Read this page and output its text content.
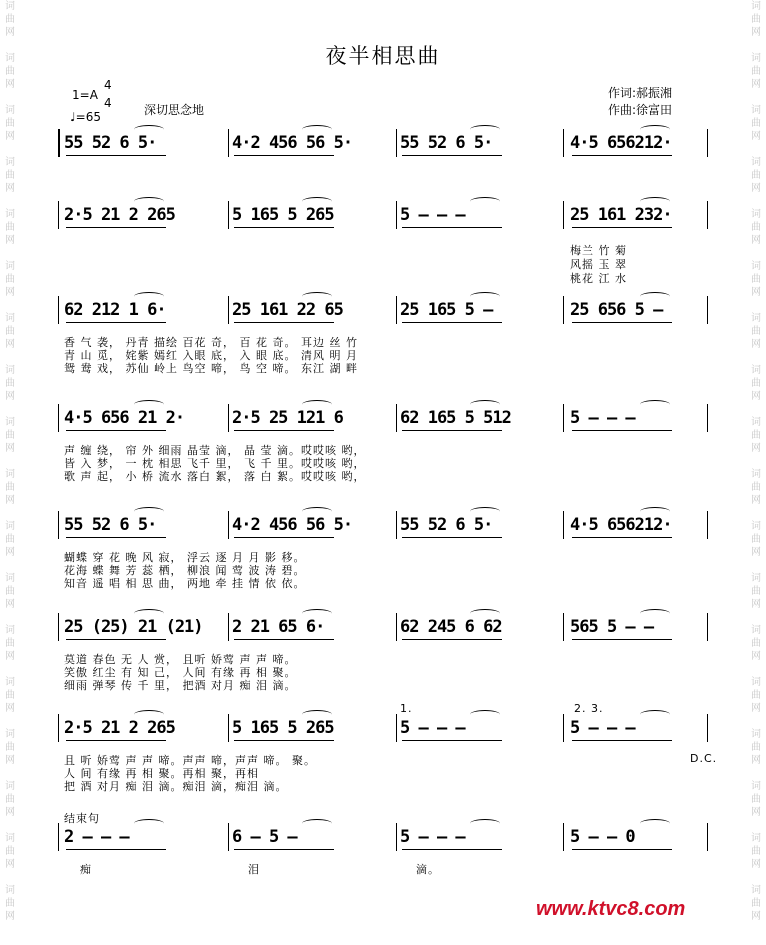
词
曲
网

词
曲
网

词
曲
网

词
曲
网

词
曲
网

词
曲
网

词
曲
网

词
曲
网

词
曲
网

词
曲
网

词
曲
网

词
曲
网

词
曲
网

词
曲
网

词
曲
网

词
曲
网

词
曲
网

词
曲
网
词
曲
网

词
曲
网

词
曲
网

词
曲
网

词
曲
网

词
曲
网

词
曲
网

词
曲
网

词
曲
网

词
曲
网

词
曲
网

词
曲
网

词
曲
网

词
曲
网

词
曲
网

词
曲
网

词
曲
网

词
曲
网
夜半相思曲
1=A
4
4
♩=65	深切思念地
作词:郝振湘
作曲:徐富田
55 52 6 5·	4·2 456 56 5·	55 52 6 5·	4·5 656212·
2·5 21 2 265	5 165 5 265	5 – – –	25 161 232·
梅兰 竹 菊
风摇 玉 翠
桃花 江 水
62 212 1 6·	25 161 22 65	25 165 5 –	25 656 5 –
香 气 袭， 丹青 描绘 百花 奇， 百 花 奇。 耳边 丝 竹
青 山 觅， 姹紫 嫣红 入眼 底， 入 眼 底。 清风 明 月
鸳 鸯 戏， 苏仙 岭上 鸟空 啼， 鸟 空 啼。 东江 湖 畔
4·5 656 21 2·	2·5 25 121 6	62 165 5 512	5 – – –
声 缠 绕， 帘 外 细雨 晶莹 滴， 晶 莹 滴。哎哎咳 哟，
皆 入 梦， 一 枕 相思 飞千 里， 飞 千 里。哎哎咳 哟，
歌 声 起， 小 桥 流水 落白 絮， 落 白 絮。哎哎咳 哟，
55 52 6 5·	4·2 456 56 5·	55 52 6 5·	4·5 656212·
蝴蝶 穿 花 晚 风 寂， 浮云 逐 月 月 影 移。
花海 蝶 舞 芳 蕊 栖， 柳浪 闻 莺 波 涛 碧。
知音 遥 唱 相 思 曲， 两地 牵 挂 情 依 依。
25 (25) 21 (21) 2 21 65 6·	62 245 6 62	565 5 – –
莫道 春色 无 人 赏， 且听 娇莺 声 声 啼。
笑傲 红尘 有 知 己， 人间 有缘 再 相 聚。
细雨 弹琴 传 千 里， 把酒 对月 痴 泪 滴。
2·5 21 2 265	5 165 5 265	5 – – –	5 – – –
1.	2. 3.
D.C.
且 听 娇莺 声 声 啼。声声 啼，声声 啼。 聚。
人 间 有缘 再 相 聚。再相 聚，再相
把 酒 对月 痴 泪 滴。痴泪 滴，痴泪 滴。
2 – – –	6 – 5 –	5 – – –	5 – – 0
结束句
痴	泪	滴。
www.ktvc8.com
